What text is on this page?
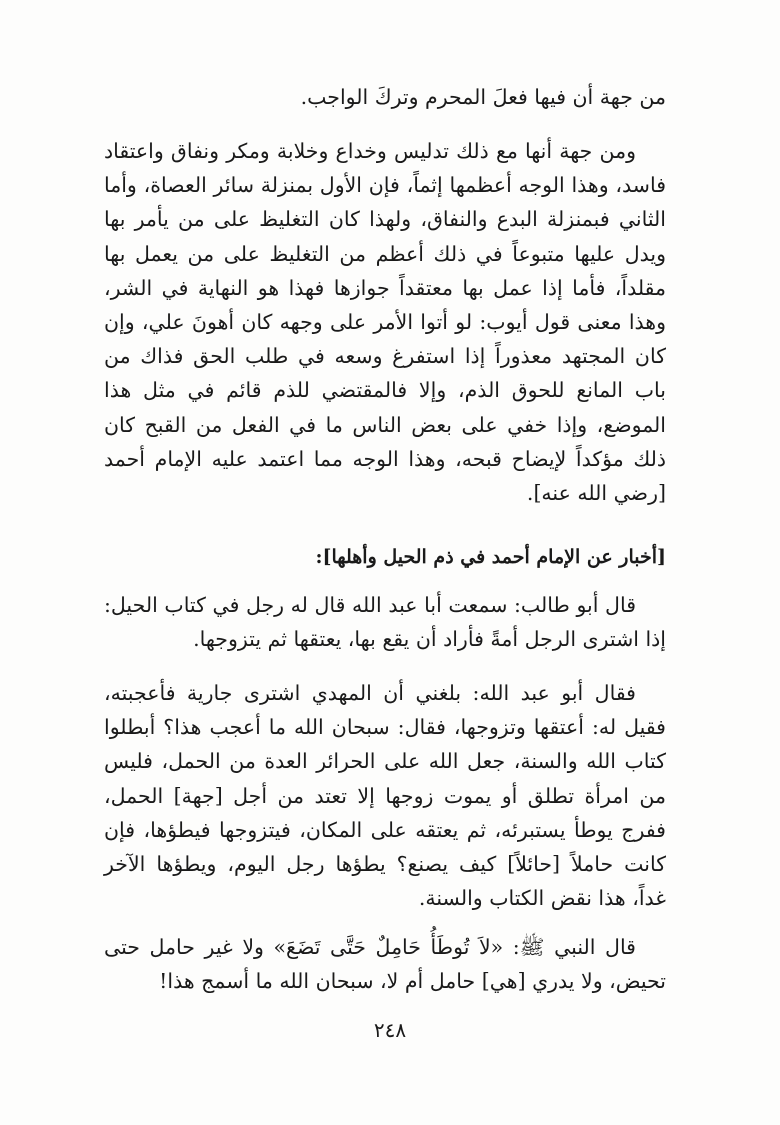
من جهة أن فيها فعلَ المحرم وتركَ الواجب.

ومن جهة أنها مع ذلك تدليس وخداع وخلابة ومكر ونفاق واعتقاد فاسد، وهذا الوجه أعظمها إثماً، فإن الأول بمنزلة سائر العصاة، وأما الثاني فبمنزلة البدع والنفاق، ولهذا كان التغليظ على من يأمر بها ويدل عليها متبوعاً في ذلك أعظم من التغليظ على من يعمل بها مقلداً، فأما إذا عمل بها معتقداً جوازها فهذا هو النهاية في الشر، وهذا معنى قول أيوب: لو أتوا الأمر على وجهه كان أهونَ علي، وإن كان المجتهد معذوراً إذا استفرغ وسعه في طلب الحق فذاك من باب المانع للحوق الذم، وإلا فالمقتضي للذم قائم في مثل هذا الموضع، وإذا خفي على بعض الناس ما في الفعل من القبح كان ذلك مؤكداً لإيضاح قبحه، وهذا الوجه مما اعتمد عليه الإمام أحمد [رضي الله عنه].

[أخبار عن الإمام أحمد في ذم الحيل وأهلها]:

قال أبو طالب: سمعت أبا عبد الله قال له رجل في كتاب الحيل: إذا اشترى الرجل أمةً فأراد أن يقع بها، يعتقها ثم يتزوجها.

فقال أبو عبد الله: بلغني أن المهدي اشترى جارية فأعجبته، فقيل له: أعتقها وتزوجها، فقال: سبحان الله ما أعجب هذا؟ أبطلوا كتاب الله والسنة، جعل الله على الحرائر العدة من الحمل، فليس من امرأة تطلق أو يموت زوجها إلا تعتد من أجل [جهة] الحمل، ففرج يوطأ يستبرئه، ثم يعتقه على المكان، فيتزوجها فيطؤها، فإن كانت حاملاً [حائلاً] كيف يصنع؟ يطؤها رجل اليوم، ويطؤها الآخر غداً، هذا نقض الكتاب والسنة.

قال النبي ﷺ: «لاَ تُوطَأُ حَامِلٌ حَتَّى تَضَعَ» ولا غير حامل حتى تحيض، ولا يدري [هي] حامل أم لا، سبحان الله ما أسمج هذا!

٢٤٨
